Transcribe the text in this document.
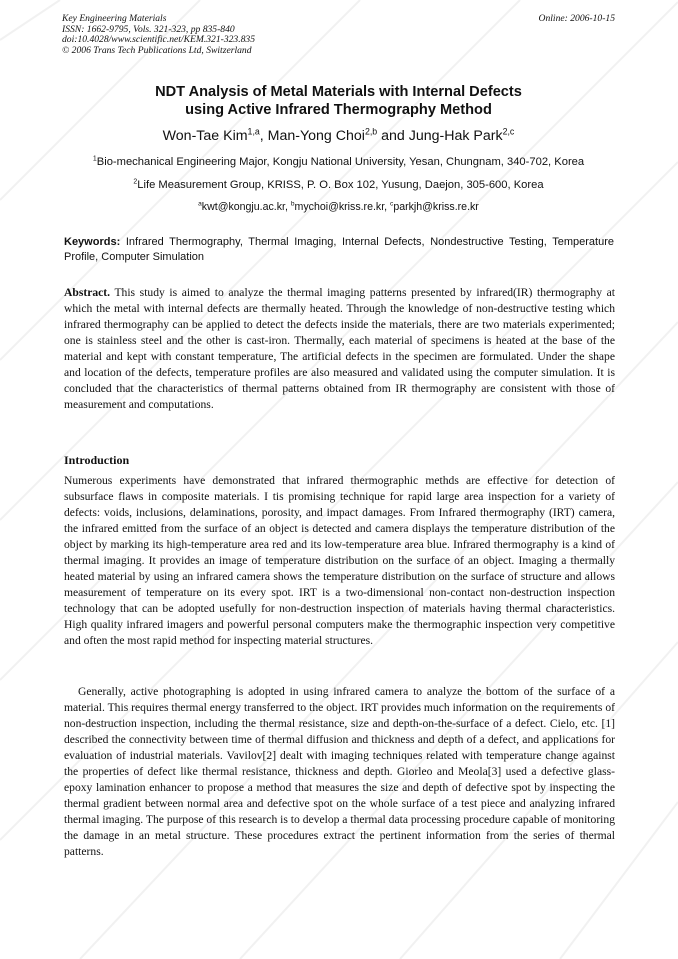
Key Engineering Materials
ISSN: 1662-9795, Vols. 321-323, pp 835-840
doi:10.4028/www.scientific.net/KEM.321-323.835
© 2006 Trans Tech Publications Ltd, Switzerland
Online: 2006-10-15
NDT Analysis of Metal Materials with Internal Defects
using Active Infrared Thermography Method
Won-Tae Kim$^{1,a}$, Man-Yong Choi$^{2,b}$ and Jung-Hak Park$^{2,c}$
$^1$Bio-mechanical Engineering Major, Kongju National University, Yesan, Chungnam, 340-702, Korea
$^2$Life Measurement Group, KRISS, P. O. Box 102, Yusung, Daejon, 305-600, Korea
$^a$kwt@kongju.ac.kr, $^b$mychoi@kriss.re.kr, $^c$parkjh@kriss.re.kr
Keywords: Infrared Thermography, Thermal Imaging, Internal Defects, Nondestructive Testing, Temperature Profile, Computer Simulation
Abstract. This study is aimed to analyze the thermal imaging patterns presented by infrared(IR) thermography at which the metal with internal defects are thermally heated. Through the knowledge of non-destructive testing which infrared thermography can be applied to detect the defects inside the materials, there are two materials experimented; one is stainless steel and the other is cast-iron. Thermally, each material of specimens is heated at the base of the material and kept with constant temperature, The artificial defects in the specimen are formulated. Under the shape and location of the defects, temperature profiles are also measured and validated using the computer simulation. It is concluded that the characteristics of thermal patterns obtained from IR thermography are consistent with those of measurement and computations.
Introduction

Numerous experiments have demonstrated that infrared thermographic methds are effective for detection of subsurface flaws in composite materials. I tis promising technique for rapid large area inspection for a variety of defects: voids, inclusions, delaminations, porosity, and impact damages. From Infrared thermography (IRT) camera, the infrared emitted from the surface of an object is detected and camera displays the temperature distribution of the object by marking its high-temperature area red and its low-temperature area blue. Infrared thermography is a kind of thermal imaging. It provides an image of temperature distribution on the surface of an object. Imaging a thermally heated material by using an infrared camera shows the temperature distribution on the surface of structure and allows measurement of temperature on its every spot. IRT is a two-dimensional non-contact non-destruction inspection technology that can be adopted usefully for non-destruction inspection of materials having thermal characteristics. High quality infrared imagers and powerful personal computers make the thermographic inspection very competitive and often the most rapid method for inspecting material structures.

Generally, active photographing is adopted in using infrared camera to analyze the bottom of the surface of a material. This requires thermal energy transferred to the object. IRT provides much information on the requirements of non-destruction inspection, including the thermal resistance, size and depth-on-the-surface of a defect. Cielo, etc. [1] described the connectivity between time of thermal diffusion and thickness and depth of a defect, and applications for evaluation of industrial materials. Vavilov[2] dealt with imaging techniques related with temperature change against the properties of defect like thermal resistance, thickness and depth. Giorleo and Meola[3] used a defective glass-epoxy lamination enhancer to propose a method that measures the size and depth of defective spot by inspecting the thermal gradient between normal area and defective spot on the whole surface of a test piece and analyzing infrared thermal imaging. The purpose of this research is to develop a thermal data processing procedure capable of monitoring the damage in an metal structure. These procedures extract the pertinent information from the series of thermal patterns.
